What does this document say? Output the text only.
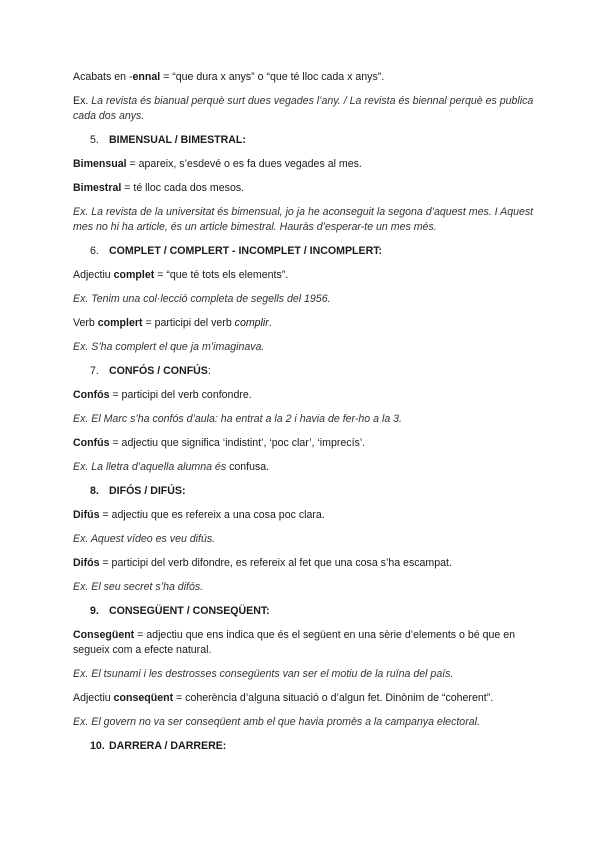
Acabats en -ennal = “que dura x anys” o “que té lloc cada x anys”.

Ex. La revista és bianual perquè surt dues vegades l’any. / La revista és biennal perquè es publica cada dos anys.

5. BIMENSUAL / BIMESTRAL:

Bimensual = apareix, s’esdevé o es fa dues vegades al mes.

Bimestral = té lloc cada dos mesos.

Ex. La revista de la universitat és bimensual, jo ja he aconseguit la segona d’aquest mes. I Aquest mes no hi ha article, és un article bimestral. Hauràs d’esperar-te un mes més.

6. COMPLET / COMPLERT - INCOMPLET / INCOMPLERT:

Adjectiu complet = “que té tots els elements”.

Ex. Tenim una col·lecció completa de segells del 1956.

Verb complert = participi del verb complir.

Ex. S’ha complert el que ja m’imaginava.

7. CONFÓS / CONFÚS:

Confós = participi del verb confondre.

Ex. El Marc s’ha confós d’aula: ha entrat a la 2 i havia de fer-ho a la 3.

Confús = adjectiu que significa ‘indistint’, ‘poc clar’, ‘imprecís’.

Ex. La lletra d’aquella alumna és confusa.

8. DIFÓS / DIFÚS:

Difús = adjectiu que es refereix a una cosa poc clara.

Ex. Aquest vídeo es veu difús.

Difós = participi del verb difondre, es refereix al fet que una cosa s’ha escampat.

Ex. El seu secret s’ha difós.

9. CONSEGÜENT / CONSEQÜENT:

Consegüent = adjectiu que ens indica que és el següent en una sèrie d’elements o bé que en segueix com a efecte natural.

Ex. El tsunami i les destrosses consegüents van ser el motiu de la ruïna del país.

Adjectiu conseqüent = coherència d’alguna situació o d’algun fet. Dinònim de “coherent”.

Ex. El govern no va ser conseqüent amb el que havia promès a la campanya electoral.

10. DARRERA / DARRERE:
